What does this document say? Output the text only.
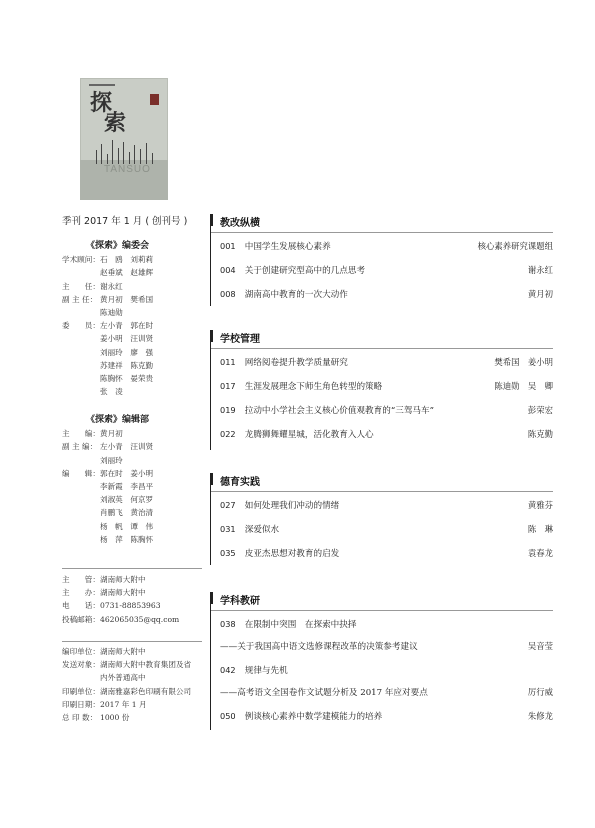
探
索
TANSUO
季刊 2017 年 1 月 ( 创刊号 )
《探索》编委会
学术顾问： 石　鸥　刘莉莉
赵垂斌　赵雄辉
主　　任： 谢永红
副 主 任： 黄月初　樊希国
陈迪勋
委　　员： 左小青　郭在时
姜小明　汪训贤
刘丽玲　廖　强
苏建祥　陈克勤
陈胸怀　晏荣贵
张　凌
《探索》编辑部
主　　编： 黄月初
副 主 编： 左小青　汪训贤
刘丽玲
编　　辑： 郭在时　姜小明
李新霞　李昌平
刘淑英　何京罗
肖鹏飞　黄治清
杨　帆　谭　伟
杨　萍　陈胸怀
主　　管： 湖南师大附中
主　　办： 湖南师大附中
电　　话： 0731-88853963
投稿邮箱： 462065035@qq.com
编印单位： 湖南师大附中
发送对象： 湖南师大附中教育集团及省
内外普通高中
印刷单位： 湖南雅嘉彩色印刷有限公司
印刷日期： 2017 年 1 月
总 印 数： 1000 份
教改纵横
001 中国学生发展核心素养	核心素养研究课题组
004 关于创建研究型高中的几点思考	谢永红
008 湖南高中教育的一次大动作	黄月初
学校管理
011 网络阅卷提升教学质量研究	樊希国　姜小明
017 生涯发展理念下师生角色转型的策略	陈迪勋　吴　卿
019 拉动中小学社会主义核心价值观教育的“三驾马车”	彭荣宏
022 龙腾狮舞耀星城，活化教育入人心	陈克勤
德育实践
027 如何处理我们冲动的情绪	黄雅芬
031 深爱似水	陈　琳
035 皮亚杰思想对教育的启发	袁春龙
学科教研
038 在限制中突围　在探索中抉择
——关于我国高中语文选修课程改革的决策参考建议	吴音莹
042 规律与先机
——高考语文全国卷作文试题分析及 2017 年应对要点	厉行威
050 例谈核心素养中数学建模能力的培养	朱修龙
